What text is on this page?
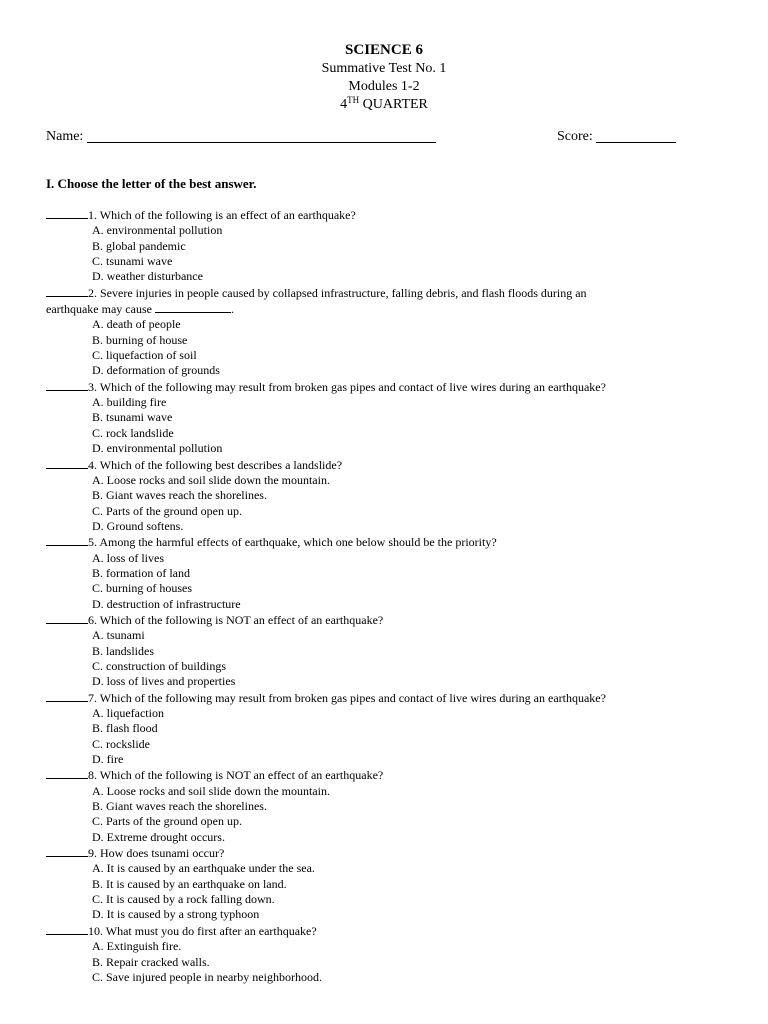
SCIENCE 6
Summative Test No. 1
Modules 1-2
4TH QUARTER
Name:	Score:
I. Choose the letter of the best answer.
1. Which of the following is an effect of an earthquake?
A. environmental pollution
B. global pandemic
C. tsunami wave
D. weather disturbance
2. Severe injuries in people caused by collapsed infrastructure, falling debris, and flash floods during an
earthquake may cause	.
A. death of people
B. burning of house
C. liquefaction of soil
D. deformation of grounds
3. Which of the following may result from broken gas pipes and contact of live wires during an earthquake?
A. building fire
B. tsunami wave
C. rock landslide
D. environmental pollution
4. Which of the following best describes a landslide?
A. Loose rocks and soil slide down the mountain.
B. Giant waves reach the shorelines.
C. Parts of the ground open up.
D. Ground softens.
5. Among the harmful effects of earthquake, which one below should be the priority?
A. loss of lives
B. formation of land
C. burning of houses
D. destruction of infrastructure
6. Which of the following is NOT an effect of an earthquake?
A. tsunami
B. landslides
C. construction of buildings
D. loss of lives and properties
7. Which of the following may result from broken gas pipes and contact of live wires during an earthquake?
A. liquefaction
B. flash flood
C. rockslide
D. fire
8. Which of the following is NOT an effect of an earthquake?
A. Loose rocks and soil slide down the mountain.
B. Giant waves reach the shorelines.
C. Parts of the ground open up.
D. Extreme drought occurs.
9. How does tsunami occur?
A. It is caused by an earthquake under the sea.
B. It is caused by an earthquake on land.
C. It is caused by a rock falling down.
D. It is caused by a strong typhoon
10. What must you do first after an earthquake?
A. Extinguish fire.
B. Repair cracked walls.
C. Save injured people in nearby neighborhood.
